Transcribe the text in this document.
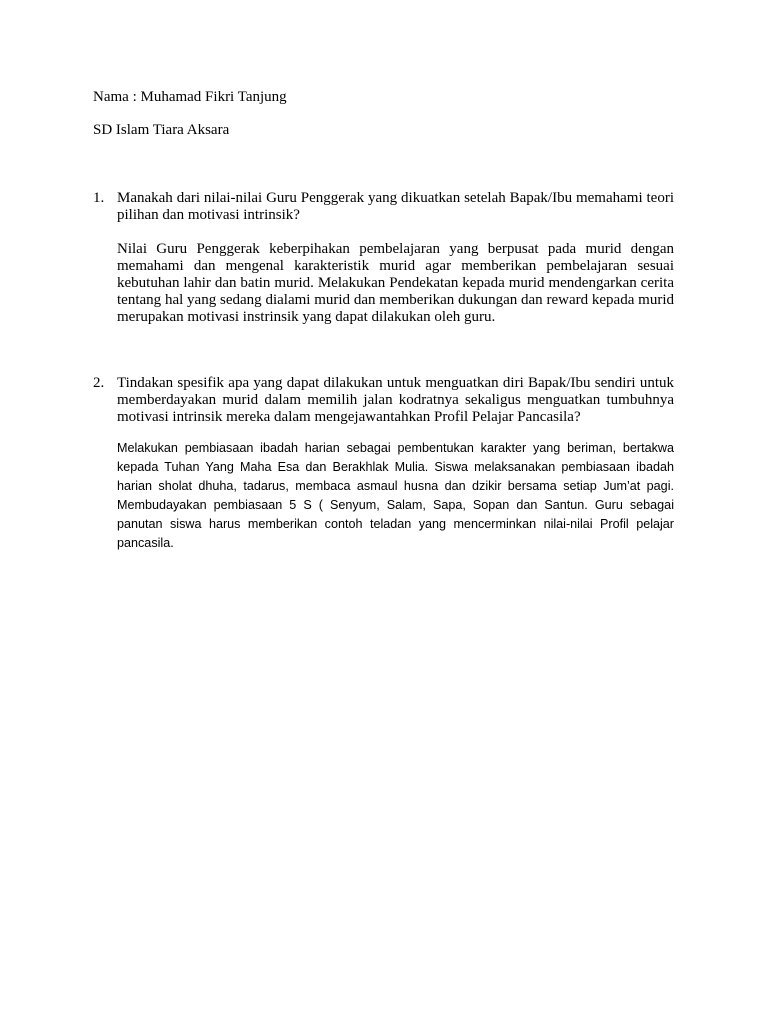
Nama : Muhamad Fikri Tanjung

SD Islam Tiara Aksara

1. Manakah dari nilai-nilai Guru Penggerak yang dikuatkan setelah Bapak/Ibu memahami teori pilihan dan motivasi intrinsik?

Nilai Guru Penggerak keberpihakan pembelajaran yang berpusat pada murid dengan memahami dan mengenal karakteristik murid agar memberikan pembelajaran sesuai kebutuhan lahir dan batin murid. Melakukan Pendekatan kepada murid mendengarkan cerita tentang hal yang sedang dialami murid dan memberikan dukungan dan reward kepada murid merupakan motivasi instrinsik yang dapat dilakukan oleh guru.

2. Tindakan spesifik apa yang dapat dilakukan untuk menguatkan diri Bapak/Ibu sendiri untuk memberdayakan murid dalam memilih jalan kodratnya sekaligus menguatkan tumbuhnya motivasi intrinsik mereka dalam mengejawantahkan Profil Pelajar Pancasila?

Melakukan pembiasaan ibadah harian sebagai pembentukan karakter yang beriman, bertakwa kepada Tuhan Yang Maha Esa dan Berakhlak Mulia. Siswa melaksanakan pembiasaan ibadah harian sholat dhuha, tadarus, membaca asmaul husna dan dzikir bersama setiap Jum’at pagi. Membudayakan pembiasaan 5 S ( Senyum, Salam, Sapa, Sopan dan Santun. Guru sebagai panutan siswa harus memberikan contoh teladan yang mencerminkan nilai-nilai Profil pelajar pancasila.
